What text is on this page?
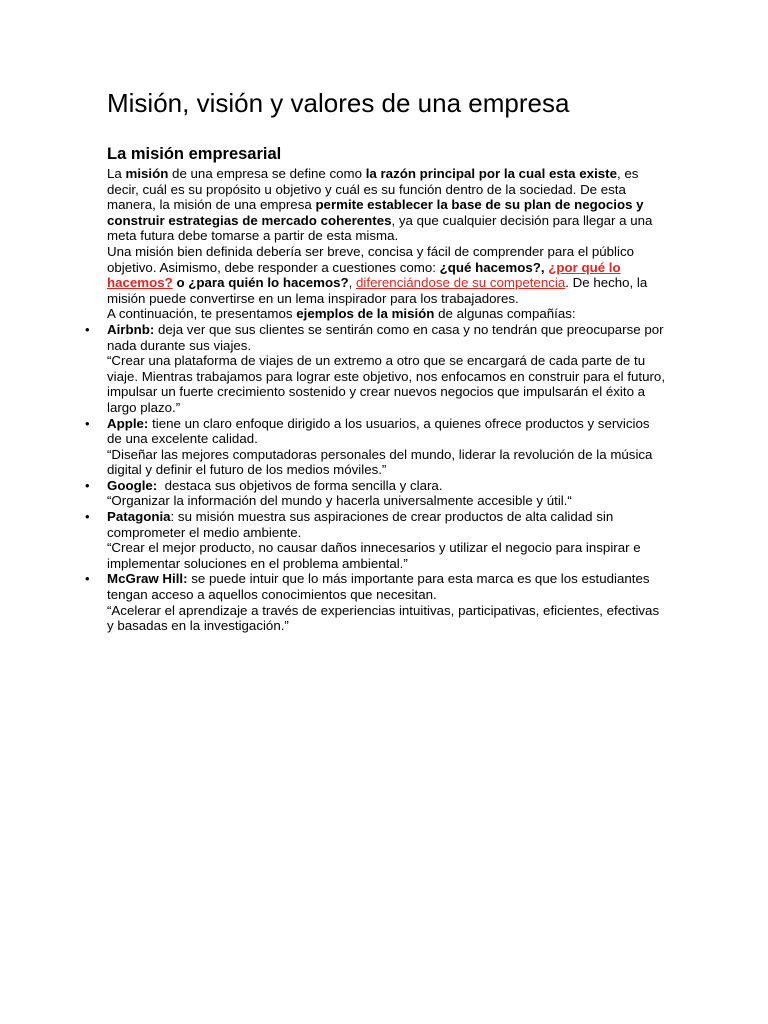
Misión, visión y valores de una empresa
La misión empresarial

La misión de una empresa se define como la razón principal por la cual esta existe, es decir, cuál es su propósito u objetivo y cuál es su función dentro de la sociedad. De esta manera, la misión de una empresa permite establecer la base de su plan de negocios y construir estrategias de mercado coherentes, ya que cualquier decisión para llegar a una meta futura debe tomarse a partir de esta misma.

Una misión bien definida debería ser breve, concisa y fácil de comprender para el público objetivo. Asimismo, debe responder a cuestiones como: ¿qué hacemos?, ¿por qué lo hacemos? o ¿para quién lo hacemos?, diferenciándose de su competencia. De hecho, la misión puede convertirse en un lema inspirador para los trabajadores.

A continuación, te presentamos ejemplos de la misión de algunas compañías:

• Airbnb: deja ver que sus clientes se sentirán como en casa y no tendrán que preocuparse por nada durante sus viajes.

“Crear una plataforma de viajes de un extremo a otro que se encargará de cada parte de tu viaje. Mientras trabajamos para lograr este objetivo, nos enfocamos en construir para el futuro, impulsar un fuerte crecimiento sostenido y crear nuevos negocios que impulsarán el éxito a largo plazo.”

• Apple: tiene un claro enfoque dirigido a los usuarios, a quienes ofrece productos y servicios de una excelente calidad.

“Diseñar las mejores computadoras personales del mundo, liderar la revolución de la música digital y definir el futuro de los medios móviles.”

• Google:  destaca sus objetivos de forma sencilla y clara.

“Organizar la información del mundo y hacerla universalmente accesible y útil.“

• Patagonia: su misión muestra sus aspiraciones de crear productos de alta calidad sin comprometer el medio ambiente.

“Crear el mejor producto, no causar daños innecesarios y utilizar el negocio para inspirar e implementar soluciones en el problema ambiental.”

• McGraw Hill: se puede intuir que lo más importante para esta marca es que los estudiantes tengan acceso a aquellos conocimientos que necesitan.

“Acelerar el aprendizaje a través de experiencias intuitivas, participativas, eficientes, efectivas y basadas en la investigación.”
